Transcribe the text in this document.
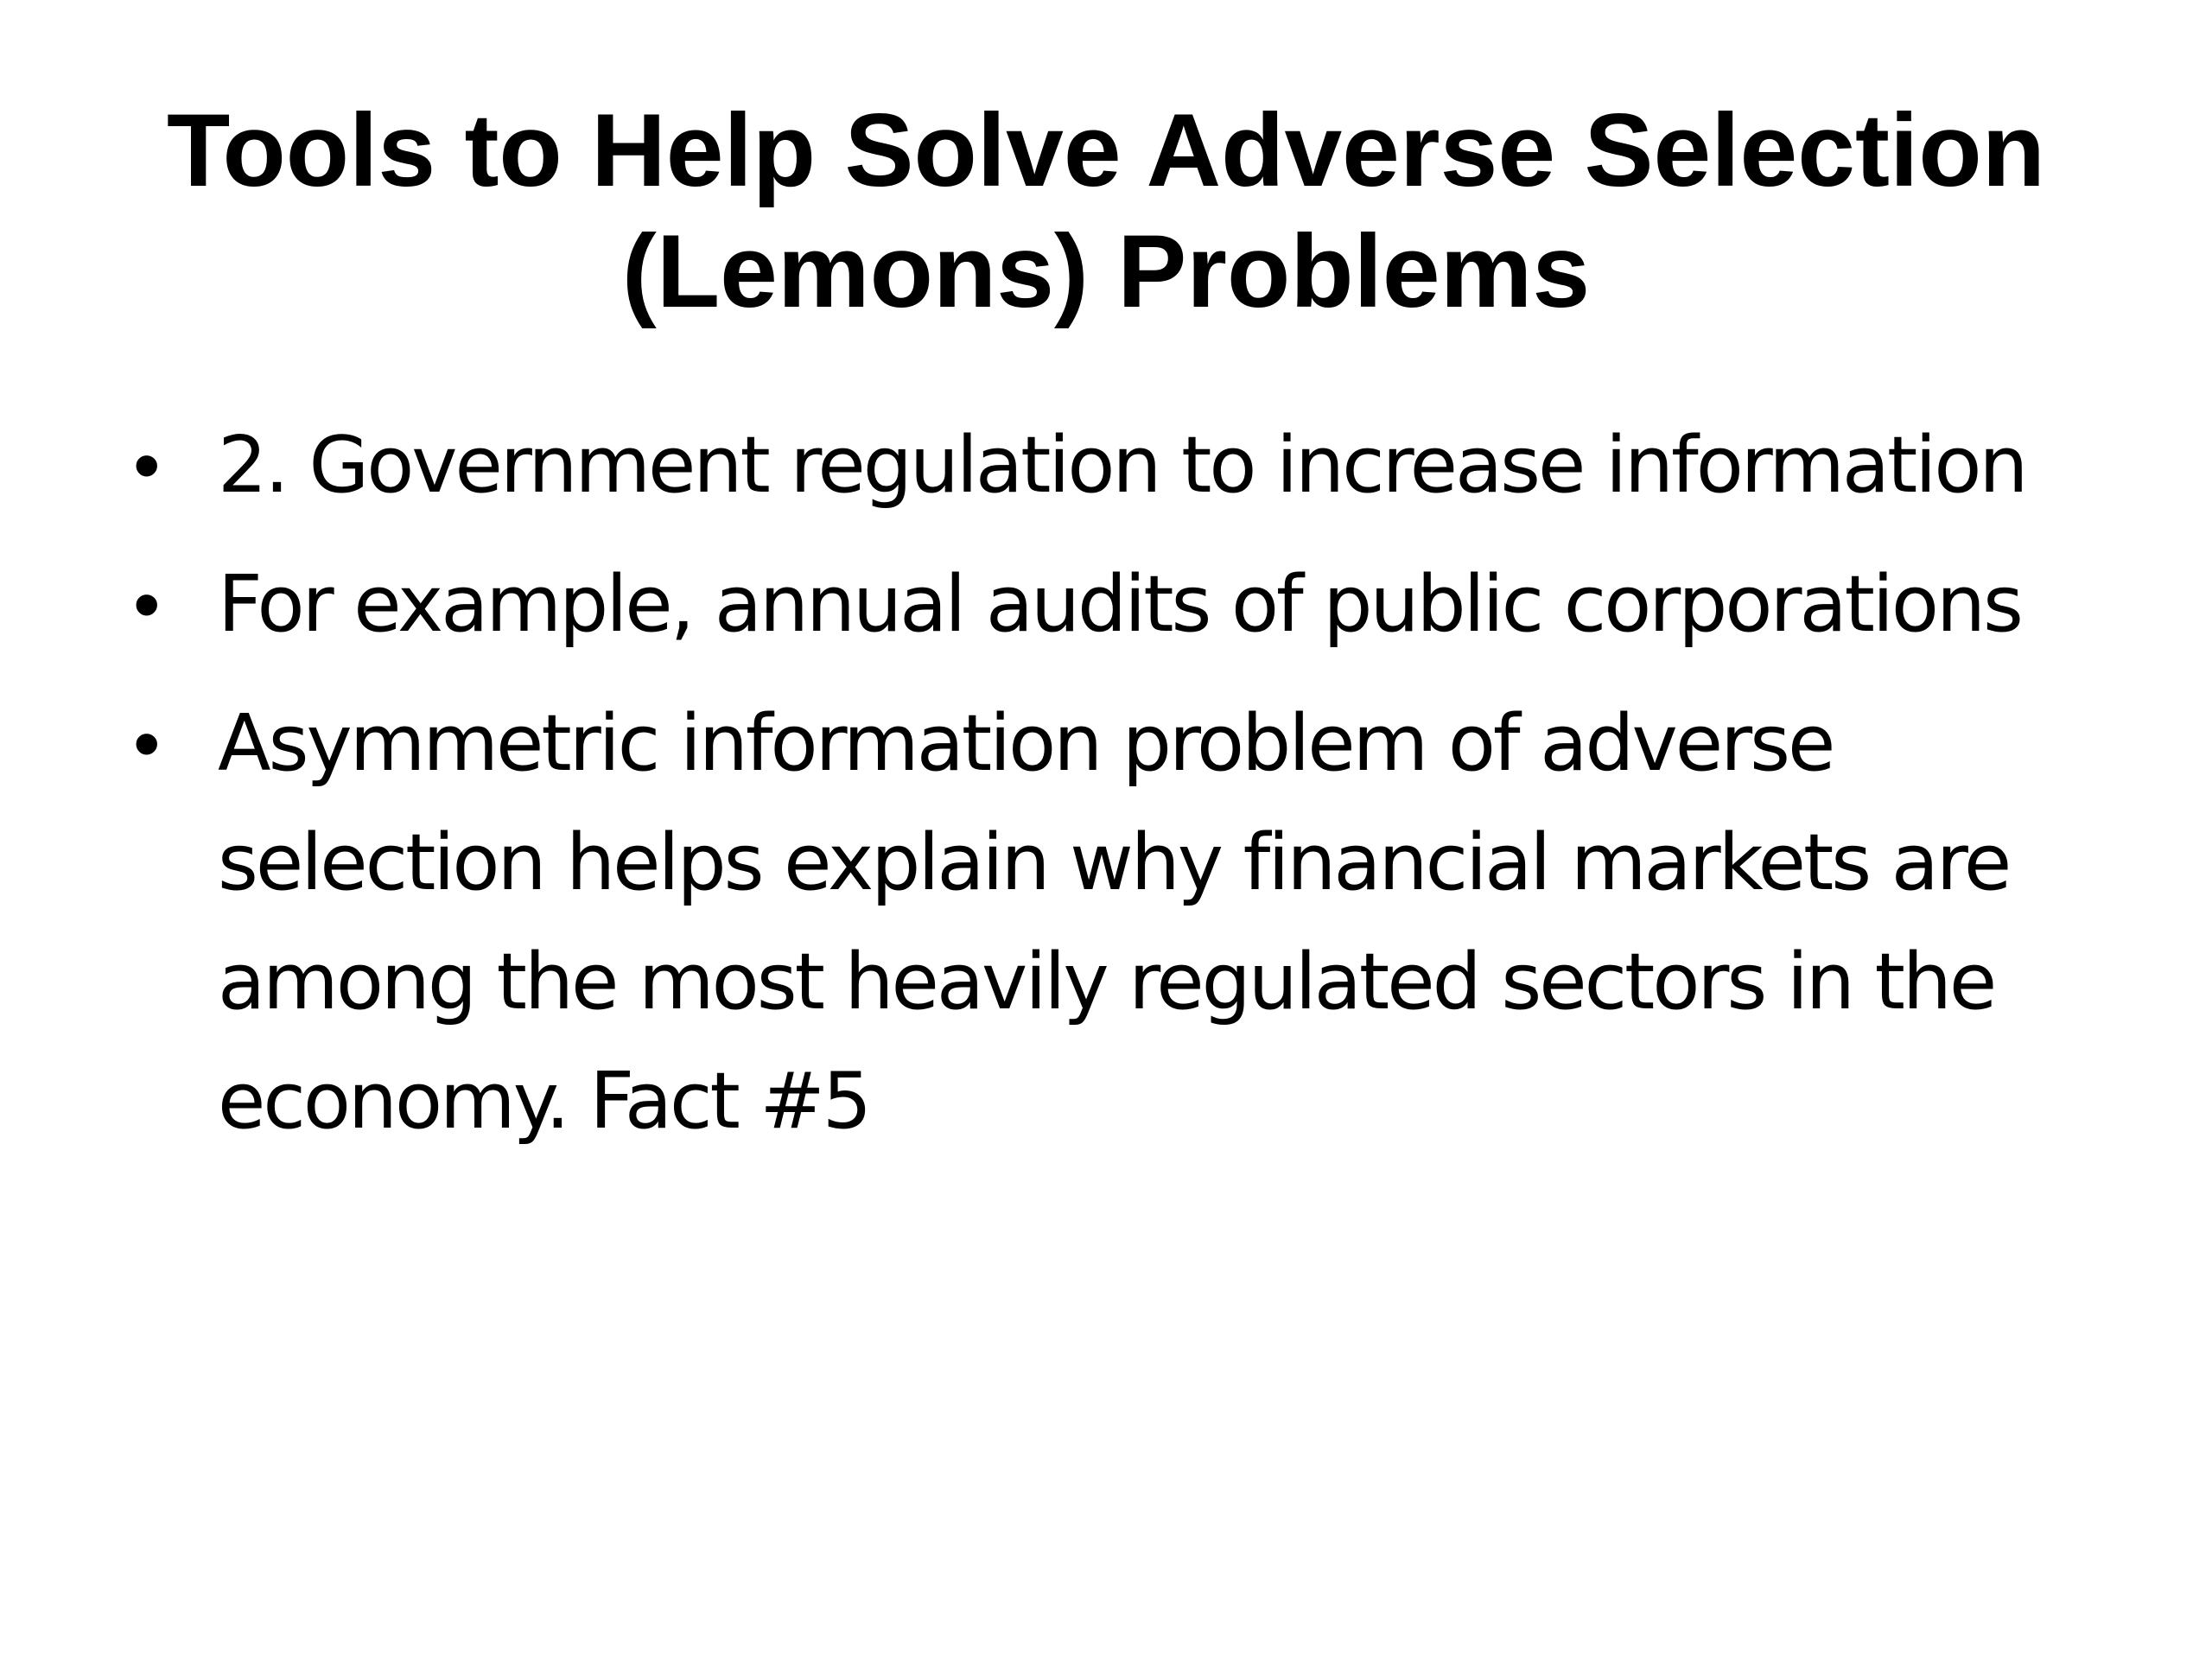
Tools to Help Solve Adverse Selection
(Lemons) Problems
• 2. Government regulation to increase information
• For example, annual audits of public corporations
• Asymmetric information problem of adverse selection helps explain why financial markets are among the most heavily regulated sectors in the economy. Fact #5
